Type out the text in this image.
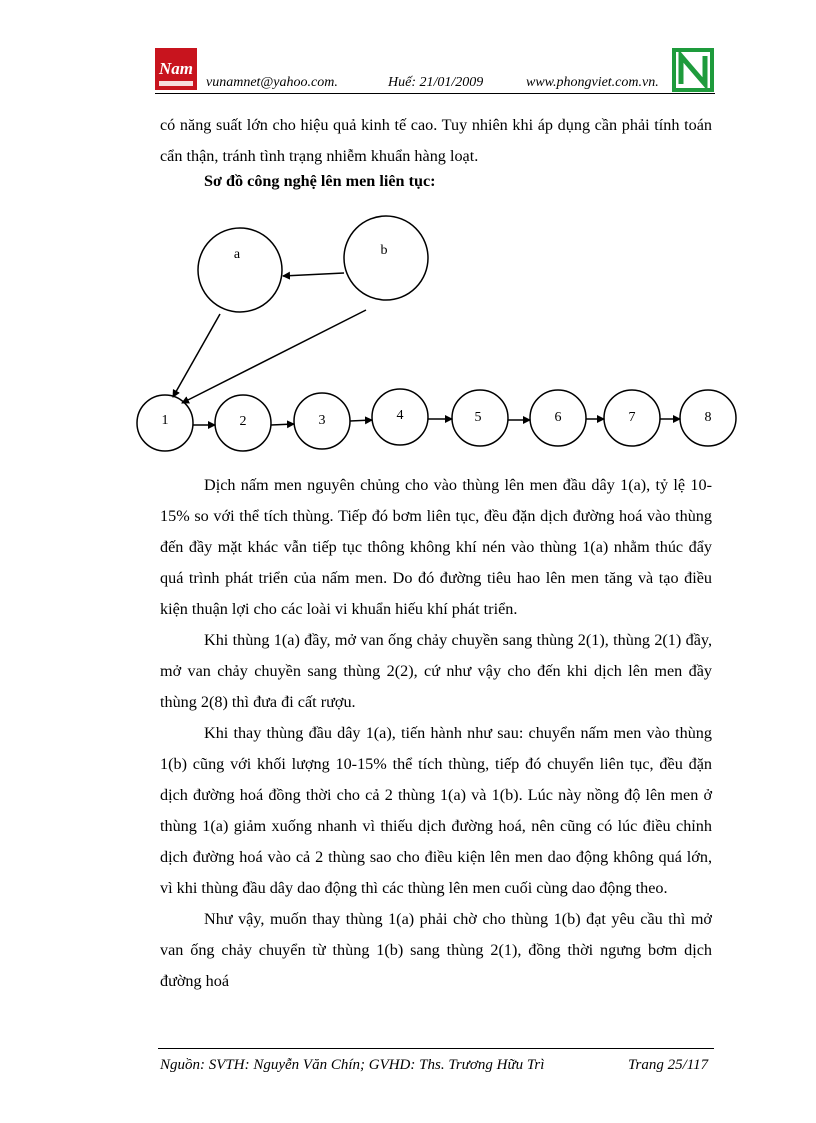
Nam
vunamnet@yahoo.com.	Huế: 21/01/2009	www.phongviet.com.vn.

có năng suất lớn cho hiệu quả kinh tế cao. Tuy nhiên khi áp dụng cần phải tính toán cẩn thận, tránh tình trạng nhiễm khuẩn hàng loạt.

Sơ đồ công nghệ lên men liên tục:
a	b
1	2	3	4	5	6	7	8

Dịch nấm men nguyên chủng cho vào thùng lên men đầu dây 1(a), tỷ lệ 10-15% so với thể tích thùng. Tiếp đó bơm liên tục, đều đặn dịch đường hoá vào thùng đến đầy mặt khác vẫn tiếp tục thông không khí nén vào thùng 1(a) nhằm thúc đẩy quá trình phát triển của nấm men. Do đó đường tiêu hao lên men tăng và tạo điều kiện thuận lợi cho các loài vi khuẩn hiếu khí phát triển.

Khi thùng 1(a) đầy, mở van ống chảy chuyền sang thùng 2(1), thùng 2(1) đầy, mở van chảy chuyền sang thùng 2(2), cứ như vậy cho đến khi dịch lên men đầy thùng 2(8) thì đưa đi cất rượu.

Khi thay thùng đầu dây 1(a), tiến hành như sau: chuyển nấm men vào thùng 1(b) cũng với khối lượng 10-15% thể tích thùng, tiếp đó chuyển liên tục, đều đặn dịch đường hoá đồng thời cho cả 2 thùng 1(a) và 1(b). Lúc này nồng độ lên men ở thùng 1(a) giảm xuống nhanh vì thiếu dịch đường hoá, nên cũng có lúc điều chỉnh dịch đường hoá vào cả 2 thùng sao cho điều kiện lên men dao động không quá lớn, vì khi thùng đầu dây dao động thì các thùng lên men cuối cùng dao động theo.

Như vậy, muốn thay thùng 1(a) phải chờ cho thùng 1(b) đạt yêu cầu thì mở van ống chảy chuyển từ thùng 1(b) sang thùng 2(1), đồng thời ngưng bơm dịch đường hoá

Nguồn: SVTH: Nguyễn Văn Chín; GVHD: Ths. Trương Hữu Trì	Trang 25/117
